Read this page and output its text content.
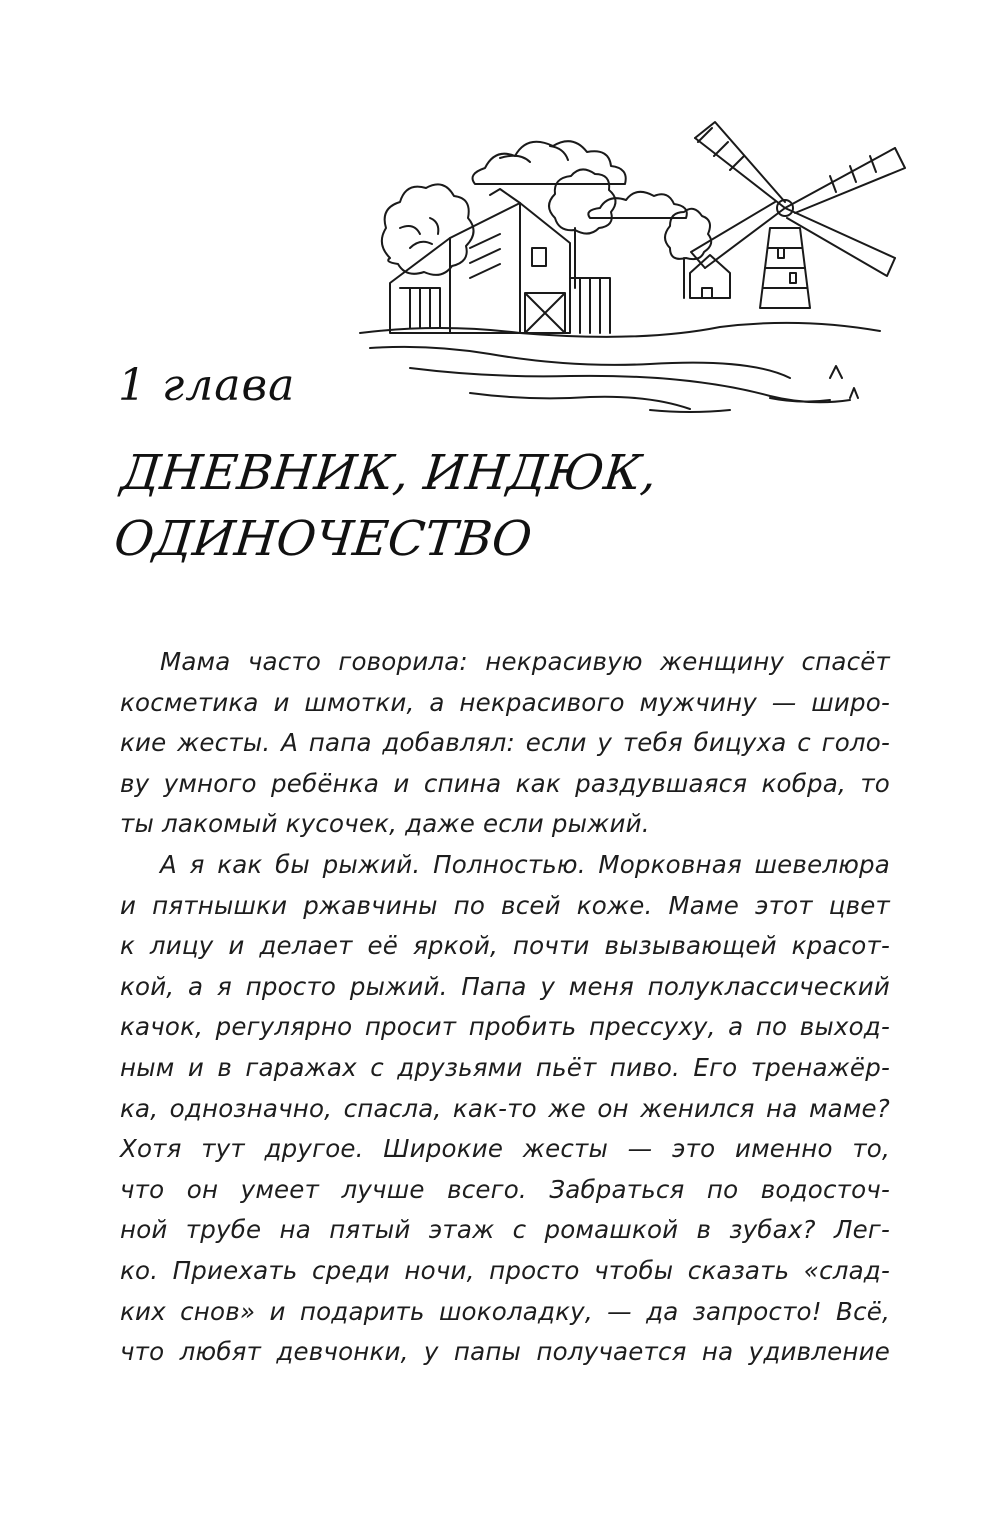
1 глава
ДНЕВНИК, ИНДЮК,
ОДИНОЧЕСТВО
Мама часто говорила: некрасивую женщину спасёт
косметика и шмотки, а некрасивого мужчину — широ-
кие жесты. А папа добавлял: если у тебя бицуха с голо-
ву умного ребёнка и спина как раздувшаяся кобра, то
ты лакомый кусочек, даже если рыжий.
А я как бы рыжий. Полностью. Морковная шевелюра
и пятнышки ржавчины по всей коже. Маме этот цвет
к лицу и делает её яркой, почти вызывающей красот-
кой, а я просто рыжий. Папа у меня полуклассический
качок, регулярно просит пробить прессуху, а по выход-
ным и в гаражах с друзьями пьёт пиво. Его тренажёр-
ка, однозначно, спасла, как-то же он женился на маме?
Хотя тут другое. Широкие жесты — это именно то,
что он умеет лучше всего. Забраться по водосточ-
ной трубе на пятый этаж с ромашкой в зубах? Лег-
ко. Приехать среди ночи, просто чтобы сказать «слад-
ких снов» и подарить шоколадку, — да запросто! Всё,
что любят девчонки, у папы получается на удивление
